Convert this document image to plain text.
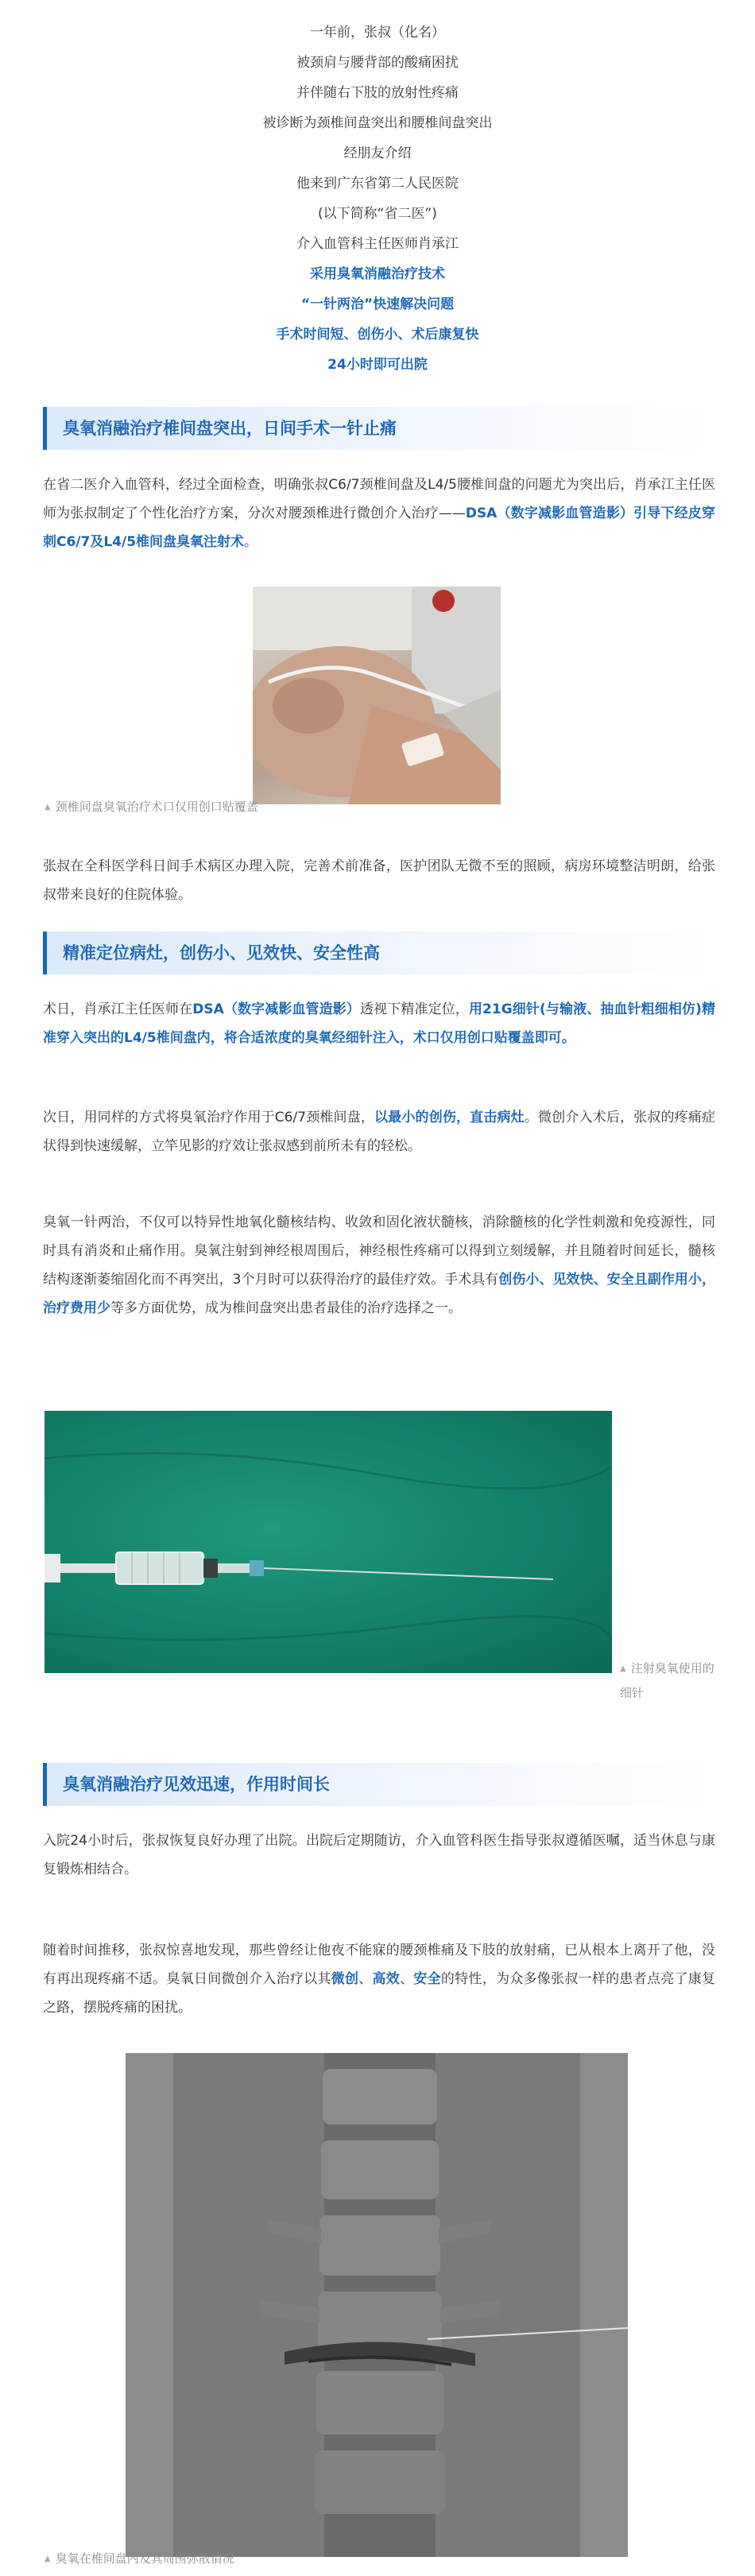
一年前，张叔（化名）
被颈肩与腰背部的酸痛困扰
并伴随右下肢的放射性疼痛
被诊断为颈椎间盘突出和腰椎间盘突出
经朋友介绍
他来到广东省第二人民医院
(以下简称“省二医”)
介入血管科主任医师肖承江
采用臭氧消融治疗技术
“一针两治”快速解决问题
手术时间短、创伤小、术后康复快
24小时即可出院
臭氧消融治疗椎间盘突出，日间手术一针止痛

在省二医介入血管科，经过全面检查，明确张叔C6/7颈椎间盘及L4/5腰椎间盘的问题尤为突出后，肖承江主任医师为张叔制定了个性化治疗方案，分次对腰颈椎进行微创介入治疗——DSA（数字减影血管造影）引导下经皮穿刺C6/7及L4/5椎间盘臭氧注射术。

▲ 颈椎间盘臭氧治疗术口仅用创口贴覆盖

张叔在全科医学科日间手术病区办理入院，完善术前准备，医护团队无微不至的照顾，病房环境整洁明朗，给张叔带来良好的住院体验。

精准定位病灶，创伤小、见效快、安全性高

术日，肖承江主任医师在DSA（数字减影血管造影）透视下精准定位，用21G细针(与输液、抽血针粗细相仿)精准穿入突出的L4/5椎间盘内，将合适浓度的臭氧经细针注入，术口仅用创口贴覆盖即可。

次日，用同样的方式将臭氧治疗作用于C6/7颈椎间盘，以最小的创伤，直击病灶。微创介入术后，张叔的疼痛症状得到快速缓解，立竿见影的疗效让张叔感到前所未有的轻松。

臭氧一针两治，不仅可以特异性地氧化髓核结构、收敛和固化液状髓核，消除髓核的化学性刺激和免疫源性，同时具有消炎和止痛作用。臭氧注射到神经根周围后，神经根性疼痛可以得到立刻缓解，并且随着时间延长，髓核结构逐渐萎缩固化而不再突出，3个月时可以获得治疗的最佳疗效。手术具有创伤小、见效快、安全且副作用小，治疗费用少等多方面优势，成为椎间盘突出患者最佳的治疗选择之一。

▲ 注射臭氧使用的细针
臭氧消融治疗见效迅速，作用时间长

入院24小时后，张叔恢复良好办理了出院。出院后定期随访，介入血管科医生指导张叔遵循医嘱，适当休息与康复锻炼相结合。

随着时间推移，张叔惊喜地发现，那些曾经让他夜不能寐的腰颈椎痛及下肢的放射痛，已从根本上离开了他，没有再出现疼痛不适。臭氧日间微创介入治疗以其微创、高效、安全的特性，为众多像张叔一样的患者点亮了康复之路，摆脱疼痛的困扰。

▲ 臭氧在椎间盘内及其周围弥散情况
